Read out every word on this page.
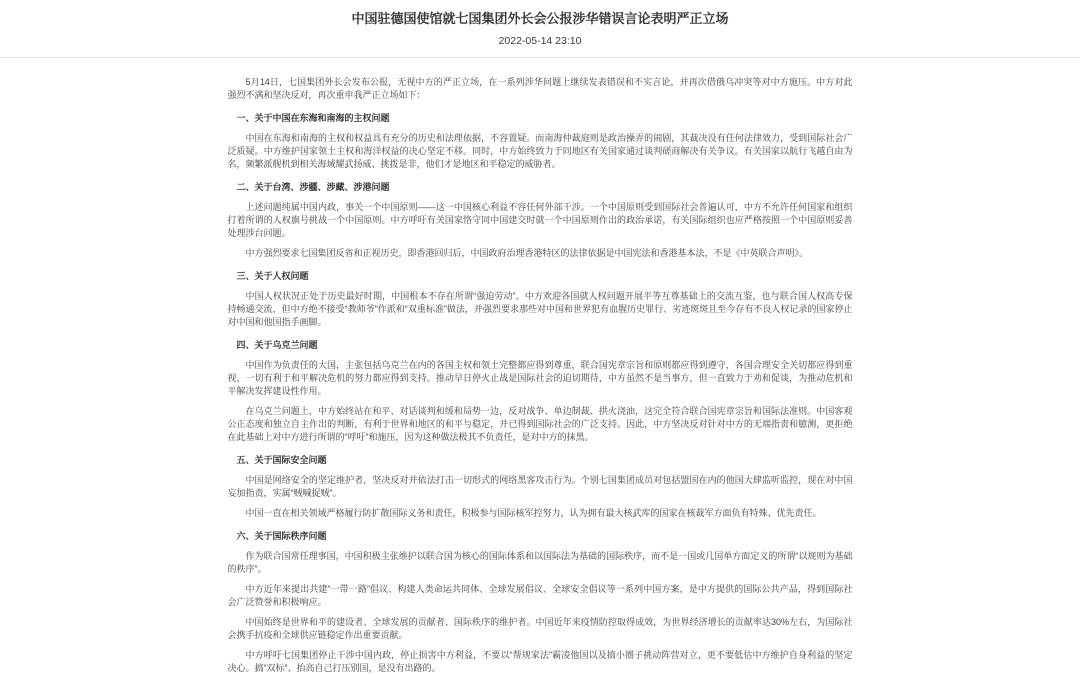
中国驻德国使馆就七国集团外长会公报涉华错误言论表明严正立场
2022-05-14 23:10
5月14日，七国集团外长会发布公报，无视中方的严正立场，在一系列涉华问题上继续发表错误和不实言论，并再次借俄乌冲突等对中方施压。中方对此强烈不满和坚决反对，再次重申我严正立场如下：
一、关于中国在东海和南海的主权问题
中国在东海和南海的主权和权益具有充分的历史和法理依据，不容置疑。而南海仲裁庭则是政治操弄的闹剧，其裁决没有任何法律效力，受到国际社会广泛质疑。中方维护国家领土主权和海洋权益的决心坚定不移。同时，中方始终致力于同地区有关国家通过谈判磋商解决有关争议。有关国家以航行飞越自由为名，频繁派舰机到相关海域耀武扬威、挑拨是非，他们才是地区和平稳定的威胁者。
二、关于台湾、涉疆、涉藏、涉港问题
上述问题纯属中国内政，事关一个中国原则——这一中国核心利益不容任何外部干涉。一个中国原则受到国际社会普遍认可，中方不允许任何国家和组织打着所谓的人权旗号挑战一个中国原则。中方呼吁有关国家恪守同中国建交时就一个中国原则作出的政治承诺，有关国际组织也应严格按照一个中国原则妥善处理涉台问题。
中方强烈要求七国集团反省和正视历史，即香港回归后，中国政府治理香港特区的法律依据是中国宪法和香港基本法，不是《中英联合声明》。
三、关于人权问题
中国人权状况正处于历史最好时期，中国根本不存在所谓“强迫劳动”。中方欢迎各国就人权问题开展平等互尊基础上的交流互鉴，也与联合国人权高专保持畅通交流，但中方绝不接受“教师爷”作派和“双重标准”做法，并强烈要求那些对中国和世界犯有血腥历史罪行、劣迹斑斑且至今存有不良人权记录的国家停止对中国和他国指手画脚。
四、关于乌克兰问题
中国作为负责任的大国，主张包括乌克兰在内的各国主权和领土完整都应得到尊重，联合国宪章宗旨和原则都应得到遵守，各国合理安全关切都应得到重视，一切有利于和平解决危机的努力都应得到支持。推动早日停火止战是国际社会的迫切期待，中方虽然不是当事方，但一直致力于劝和促谈，为推动危机和平解决发挥建设性作用。
在乌克兰问题上，中方始终站在和平、对话谈判和缓和局势一边，反对战争、单边制裁、拱火浇油，这完全符合联合国宪章宗旨和国际法准则。中国客观公正态度和独立自主作出的判断，有利于世界和地区的和平与稳定，并已得到国际社会的广泛支持。因此，中方坚决反对针对中方的无端指责和臆测，更拒绝在此基础上对中方进行所谓的“呼吁”和施压，因为这种做法极其不负责任，是对中方的抹黑。
五、关于国际安全问题
中国是网络安全的坚定维护者，坚决反对并依法打击一切形式的网络黑客攻击行为。个别七国集团成员对包括盟国在内的他国大肆监听监控，现在对中国妄加指责，实属“贼喊捉贼”。
中国一直在相关领域严格履行防扩散国际义务和责任，积极参与国际核军控努力，认为拥有最大核武库的国家在核裁军方面负有特殊、优先责任。
六、关于国际秩序问题
作为联合国常任理事国，中国积极主张维护以联合国为核心的国际体系和以国际法为基础的国际秩序，而不是一国或几国单方面定义的所谓“以规则为基础的秩序”。
中方近年来提出共建“一带一路”倡议、构建人类命运共同体、全球发展倡议、全球安全倡议等一系列中国方案，是中方提供的国际公共产品，得到国际社会广泛赞誉和积极响应。
中国始终是世界和平的建设者、全球发展的贡献者、国际秩序的维护者。中国近年来疫情防控取得成效，为世界经济增长的贡献率达30%左右，为国际社会携手抗疫和全球供应链稳定作出重要贡献。
中方呼吁七国集团停止干涉中国内政，停止损害中方利益，不要以“帮规家法”霸凌他国以及搞小圈子挑动阵营对立，更不要低估中方维护自身利益的坚定决心。搞“双标”、抬高自己打压别国，是没有出路的。
